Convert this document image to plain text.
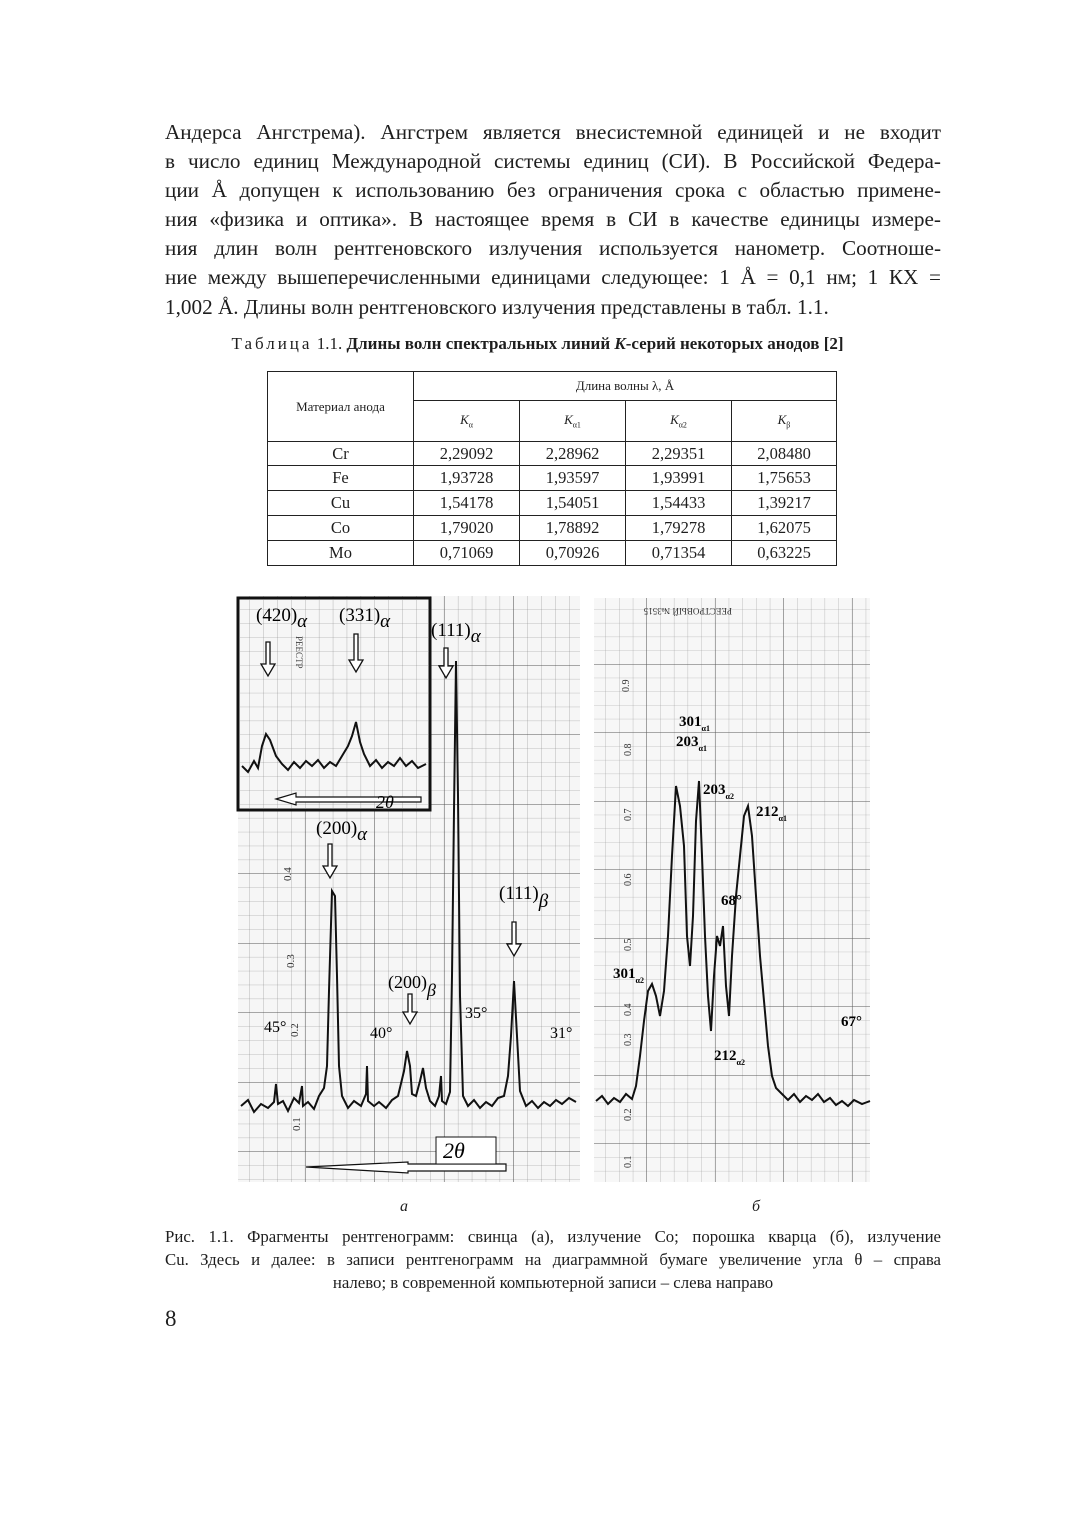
Андерса Ангстрема). Ангстрем является внесистемной единицей и не входит
в число единиц Международной системы единиц (СИ). В Российской Федера-
ции Å допущен к использованию без ограничения срока с областью примене-
ния «физика и оптика». В настоящее время в СИ в качестве единицы измере-
ния длин волн рентгеновского излучения используется нанометр. Соотноше-
ние между вышеперечисленными единицами следующее: 1 Å = 0,1 нм; 1 КХ =
1,002 Å. Длины волн рентгеновского излучения представлены в табл. 1.1.
Таблица 1.1. Длины волн спектральных линий K-серий некоторых анодов [2]
Материал анода	Длина волны λ, Å			
	$K_\alpha$	$K_{\alpha 1}$	$K_{\alpha 2}$	$K_\beta$
Cr	2,29092	2,28962	2,29351	2,08480
Fe	1,93728	1,93597	1,93991	1,75653
Cu	1,54178	1,54051	1,54433	1,39217
Co	1,79020	1,78892	1,79278	1,62075
Mo	0,71069	0,70926	0,71354	0,63225
0.4
0.3
0.2
0.1
РЕЕСТР
(420)α (331)α
2θ
(111)α
(200)α
(111)β
(200)β
45°	40°
35°
31°
2θ
РЕЕСТРОВЫЙ №3515
0.9
0.8
0.7
0.6
0.5
0.4
0.3
0.2
0.1
$301_{\alpha 1}$
$203_{\alpha 1}$
$203_{\alpha 2}$
$212_{\alpha 1}$
68°
$301_{\alpha 2}$
$212_{\alpha 2}$
67°
а	б
Рис. 1.1. Фрагменты рентгенограмм: свинца (а), излучение Co; порошка кварца (б), излучение
Cu. Здесь и далее: в записи рентгенограмм на диаграммной бумаге увеличение угла θ – справа
налево; в современной компьютерной записи – слева направо
8
